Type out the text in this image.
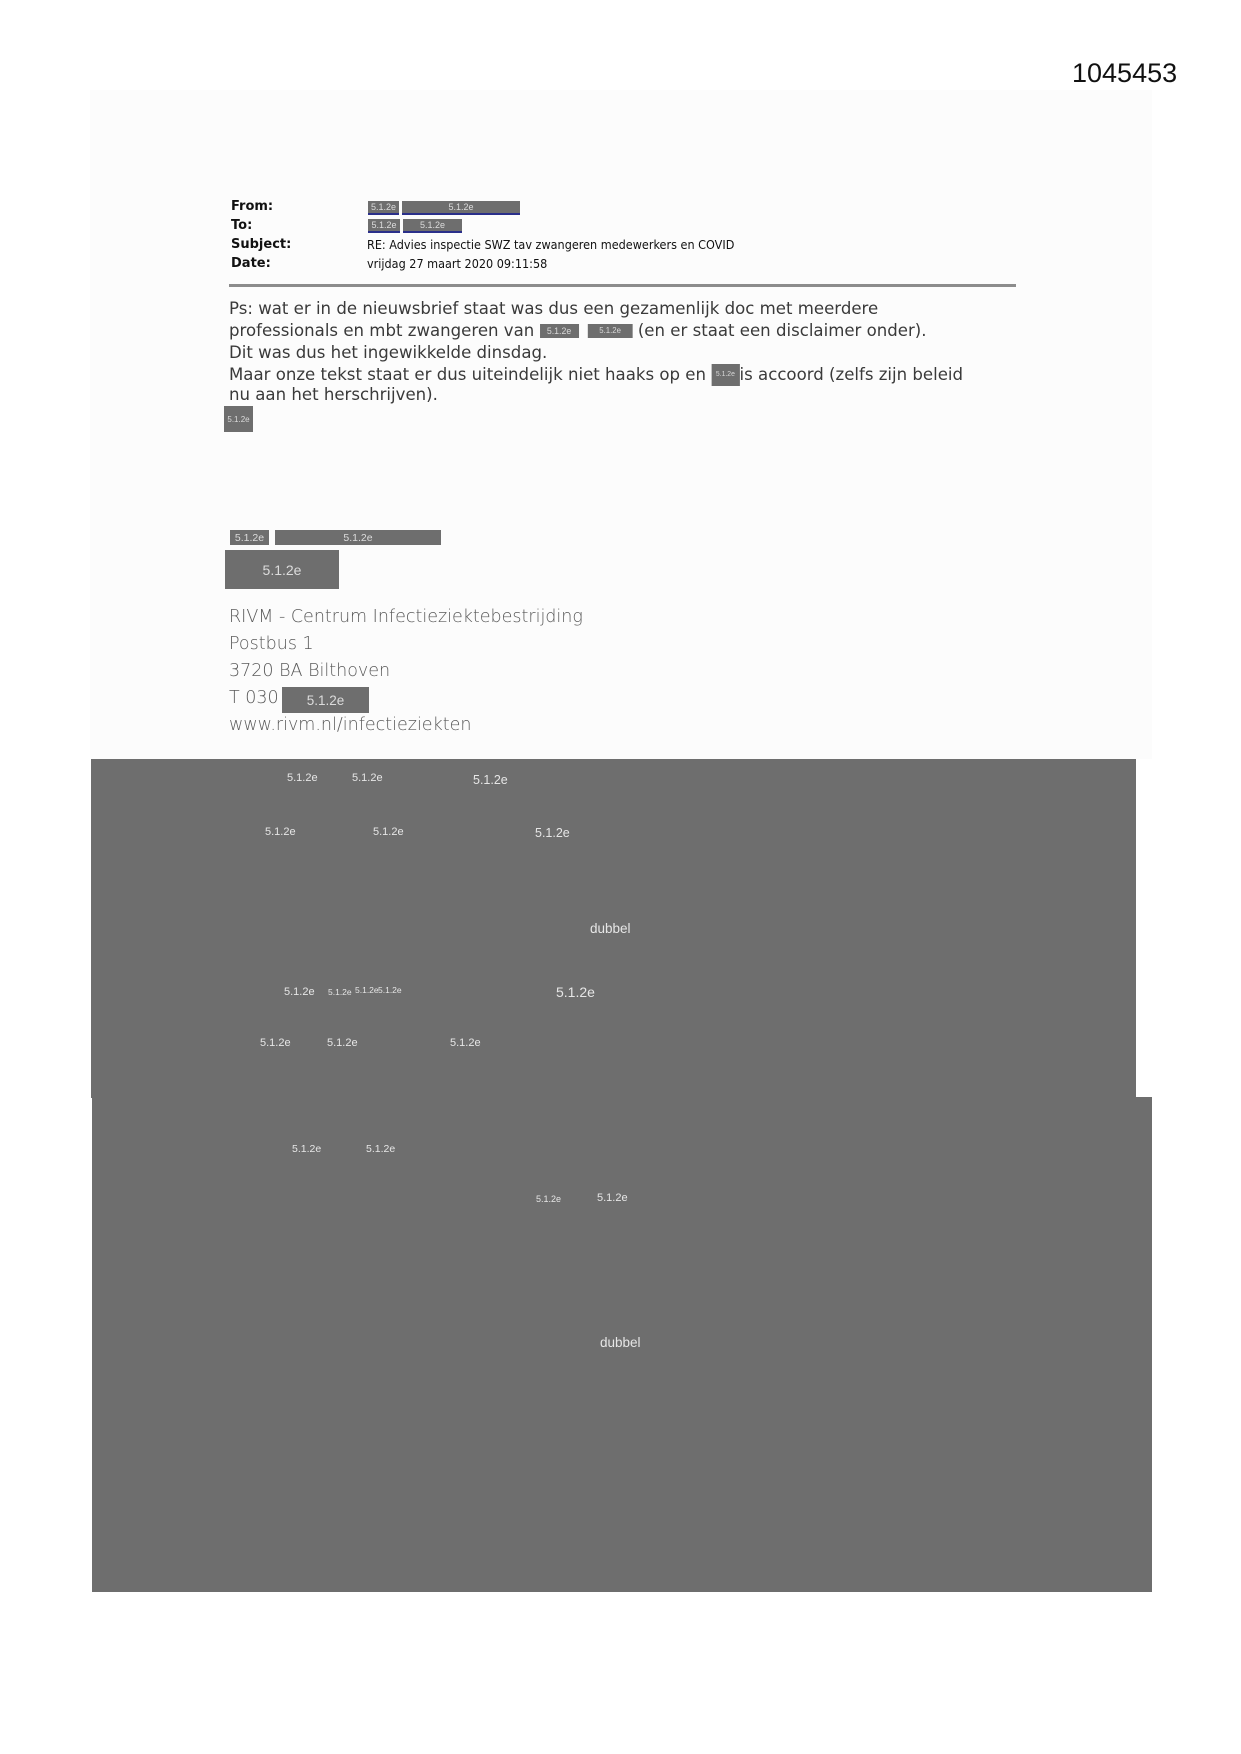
1045453
From:	5.1.2e	5.1.2e
To:	5.1.2e	5.1.2e
Subject:	RE: Advies inspectie SWZ tav zwangeren medewerkers en COVID
Date:	vrijdag 27 maart 2020 09:11:58
Ps: wat er in de nieuwsbrief staat was dus een gezamenlijk doc met meerdere
professionals en mbt zwangeren van 5.1.2e	5.1.2e (en er staat een disclaimer onder).
Dit was dus het ingewikkelde dinsdag.
Maar onze tekst staat er dus uiteindelijk niet haaks op en 5.1.2e is accoord (zelfs zijn beleid
nu aan het herschrijven).
5.1.2e
5.1.2e	5.1.2e
5.1.2e
RIVM - Centrum Infectieziektebestrijding
Postbus 1
3720 BA Bilthoven
T 030	5.1.2e
www.rivm.nl/infectieziekten
5.1.2e	5.1.2e	5.1.2e
5.1.2e	5.1.2e	5.1.2e
dubbel
5.1.2e 5.1.2e 5.1.2e 5.1.2e	5.1.2e
5.1.2e	5.1.2e	5.1.2e
5.1.2e	5.1.2e
5.1.2e	5.1.2e
dubbel
